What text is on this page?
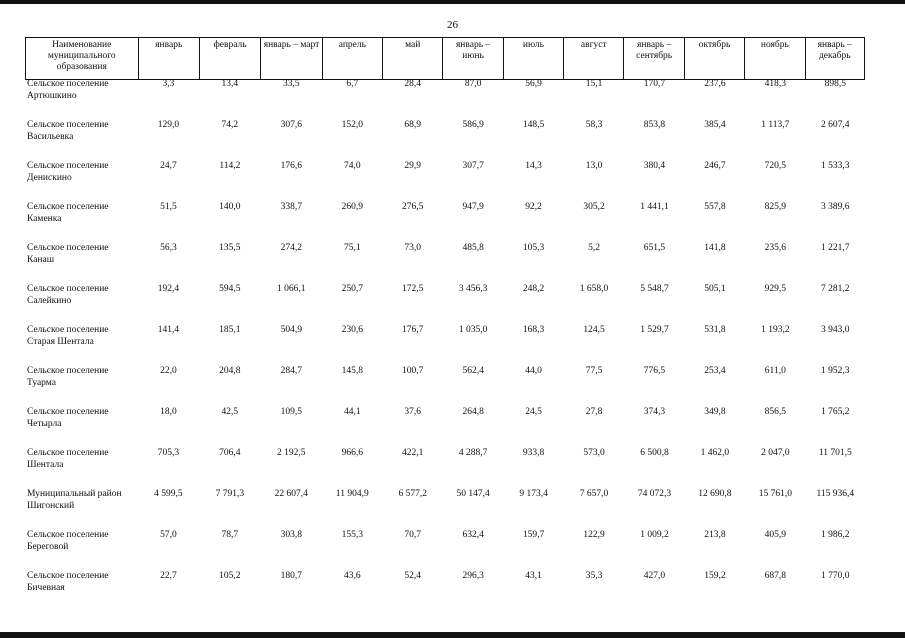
26
Наименование муниципального образования	январь	февраль	январь – март	апрель	май	январь – июнь	июль	август	январь – сентябрь	октябрь	ноябрь	январь – декабрь
Сельское поселение Артюшкино	3,3	13,4	33,5	6,7	28,4	87,0	56,9	15,1	170,7	237,6	418,3	898,5
Сельское поселение Васильевка	129,0	74,2	307,6	152,0	68,9	586,9	148,5	58,3	853,8	385,4	1 113,7	2 607,4
Сельское поселение Денискино	24,7	114,2	176,6	74,0	29,9	307,7	14,3	13,0	380,4	246,7	720,5	1 533,3
Сельское поселение Каменка	51,5	140,0	338,7	260,9	276,5	947,9	92,2	305,2	1 441,1	557,8	825,9	3 389,6
Сельское поселение Канаш	56,3	135,5	274,2	75,1	73,0	485,8	105,3	5,2	651,5	141,8	235,6	1 221,7
Сельское поселение Салейкино	192,4	594,5	1 066,1	250,7	172,5	3 456,3	248,2	1 658,0	5 548,7	505,1	929,5	7 281,2
Сельское поселение Старая Шентала	141,4	185,1	504,9	230,6	176,7	1 035,0	168,3	124,5	1 529,7	531,8	1 193,2	3 943,0
Сельское поселение Туарма	22,0	204,8	284,7	145,8	100,7	562,4	44,0	77,5	776,5	253,4	611,0	1 952,3
Сельское поселение Четырла	18,0	42,5	109,5	44,1	37,6	264,8	24,5	27,8	374,3	349,8	856,5	1 765,2
Сельское поселение Шентала	705,3	706,4	2 192,5	966,6	422,1	4 288,7	933,8	573,0	6 500,8	1 462,0	2 047,0	11 701,5
Муниципальный район Шигонский	4 599,5	7 791,3	22 607,4	11 904,9	6 577,2	50 147,4	9 173,4	7 657,0	74 072,3	12 690,8	15 761,0	115 936,4
Сельское поселение Береговой	57,0	78,7	303,8	155,3	70,7	632,4	159,7	122,9	1 009,2	213,8	405,9	1 986,2
Сельское поселение Бичевная	22,7	105,2	180,7	43,6	52,4	296,3	43,1	35,3	427,0	159,2	687,8	1 770,0
